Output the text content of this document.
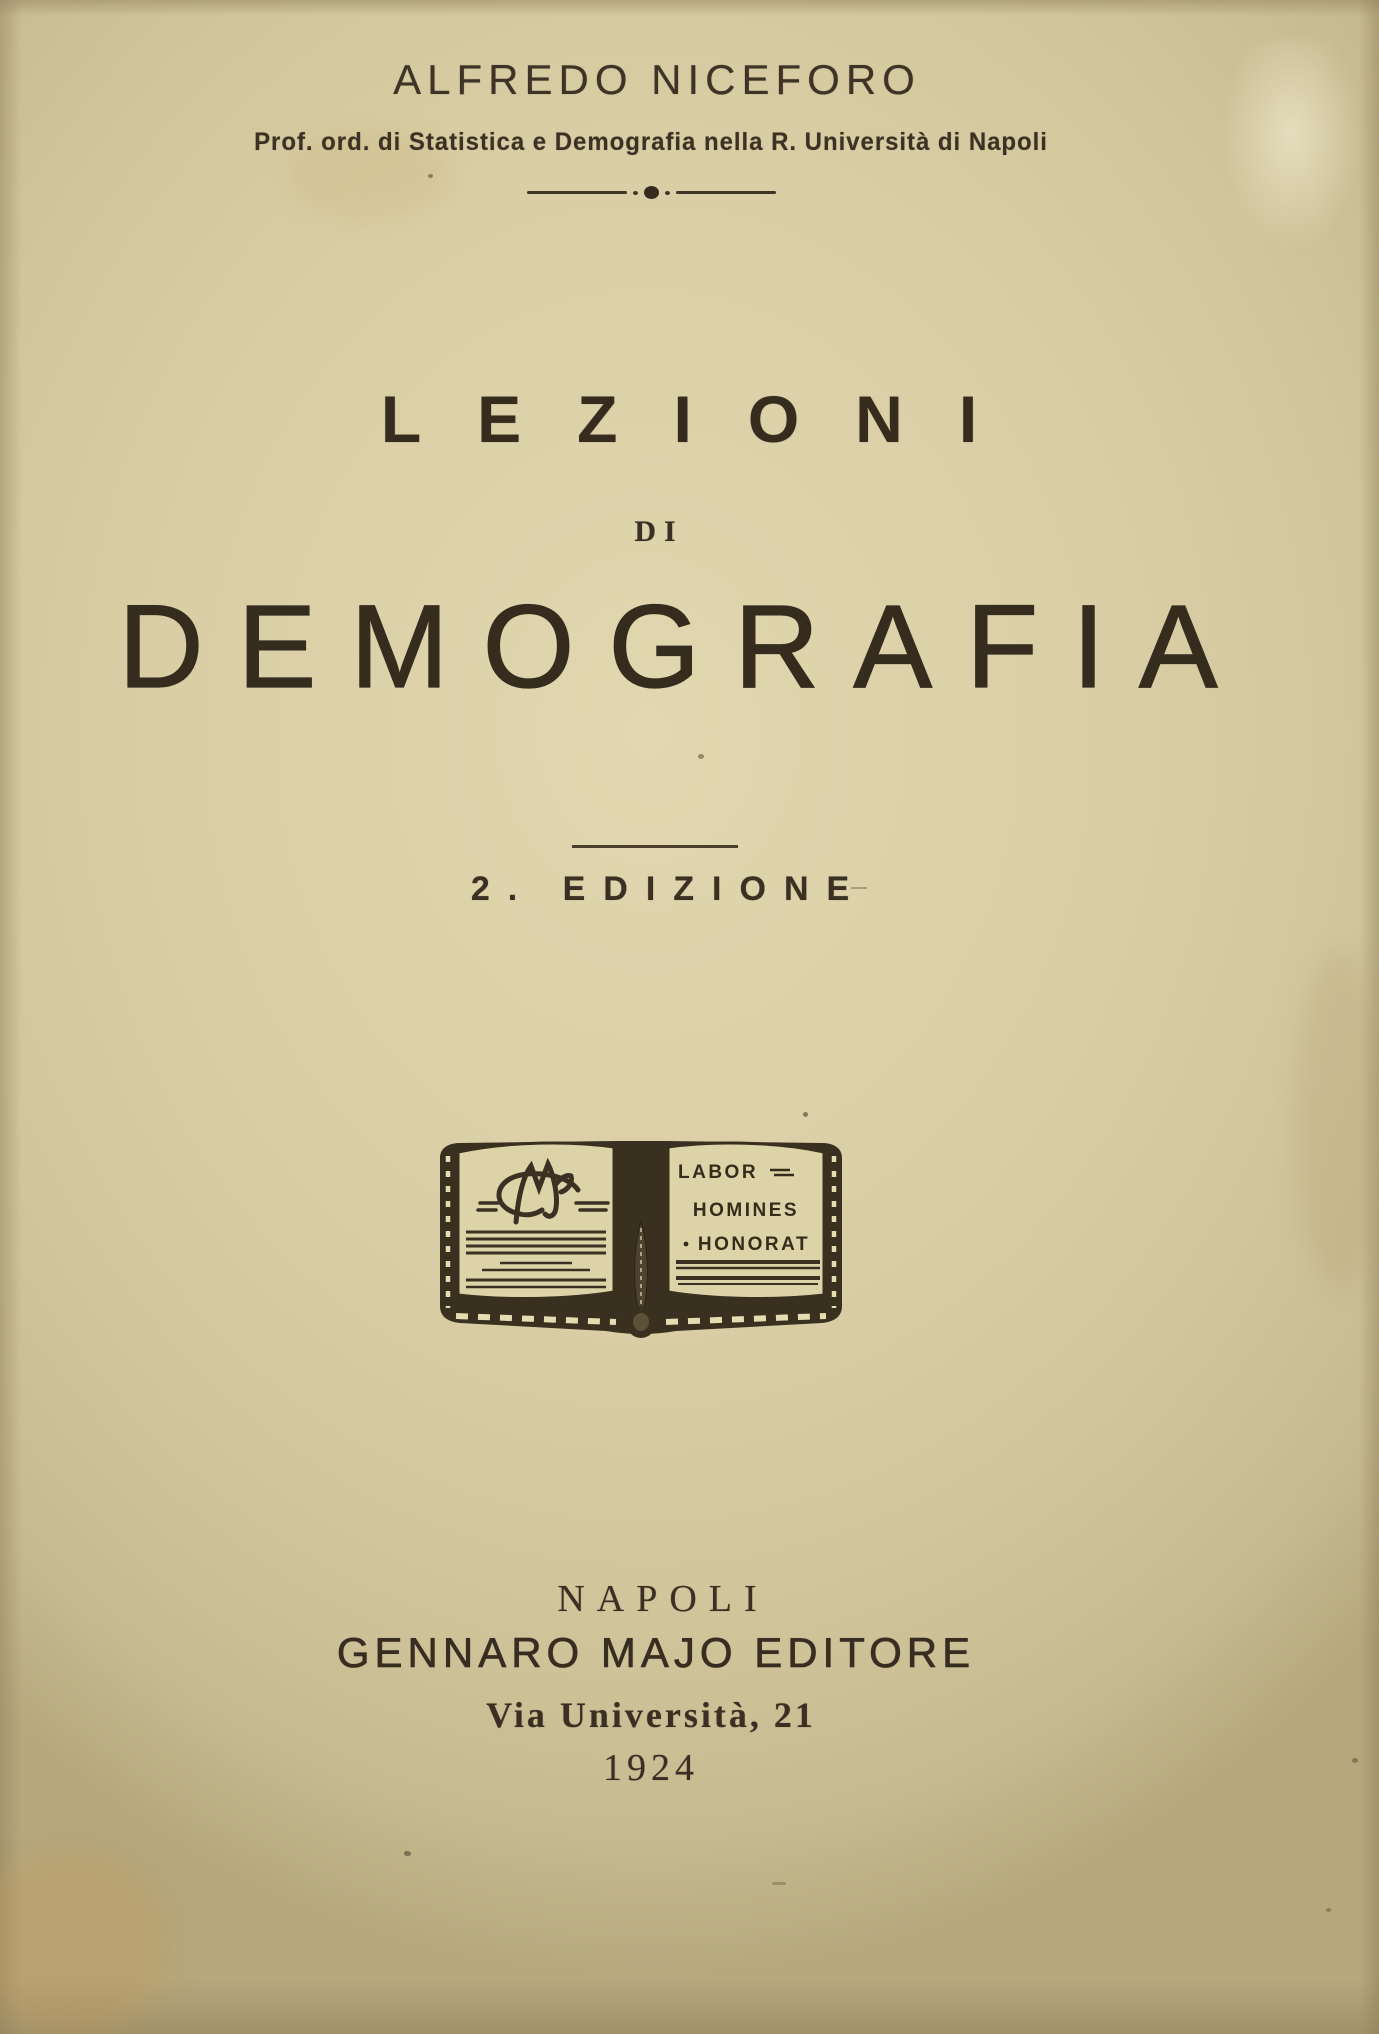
ALFREDO NICEFORO
Prof. ord. di Statistica e Demografia nella R. Università di Napoli
LEZIONI
DI
DEMOGRAFIA
2. EDIZIONE
NAPOLI
GENNARO MAJO EDITORE
Via Università, 21
1924
LABOR
HOMINES
HONORAT
